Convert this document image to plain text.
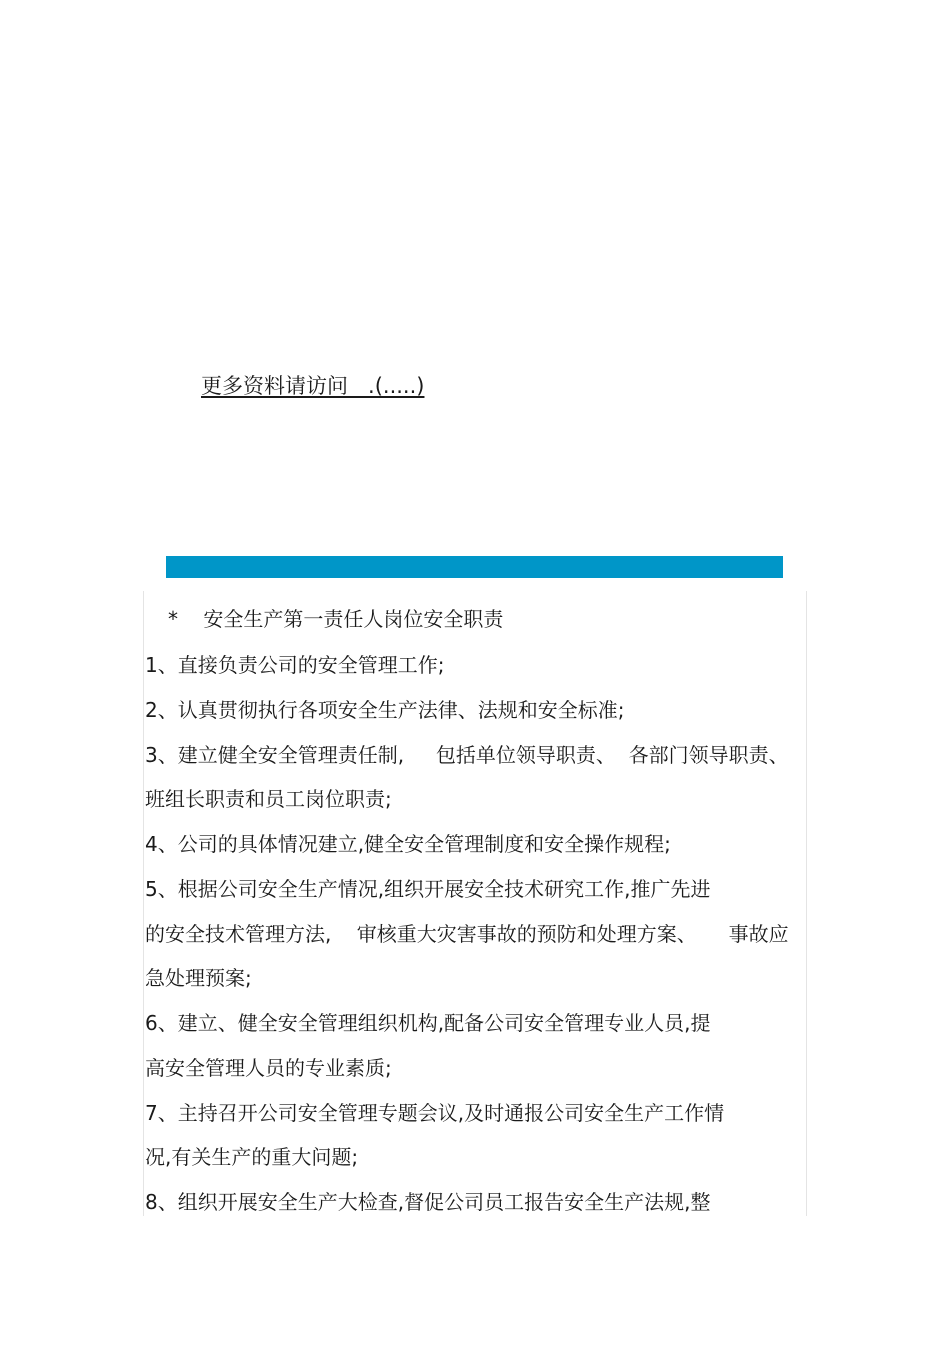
更多资料请访问   .(.....)
*    安全生产第一责任人岗位安全职责
1、直接负责公司的安全管理工作;
2、认真贯彻执行各项安全生产法律、法规和安全标准;
3、建立健全安全管理责任制,     包括单位领导职责、  各部门领导职责、
班组长职责和员工岗位职责;
4、公司的具体情况建立,健全安全管理制度和安全操作规程;
5、根据公司安全生产情况,组织开展安全技术研究工作,推广先进
的安全技术管理方法,    审核重大灾害事故的预防和处理方案、     事故应
急处理预案;
6、建立、健全安全管理组织机构,配备公司安全管理专业人员,提
高安全管理人员的专业素质;
7、主持召开公司安全管理专题会议,及时通报公司安全生产工作情
况,有关生产的重大问题;
8、组织开展安全生产大检查,督促公司员工报告安全生产法规,整
